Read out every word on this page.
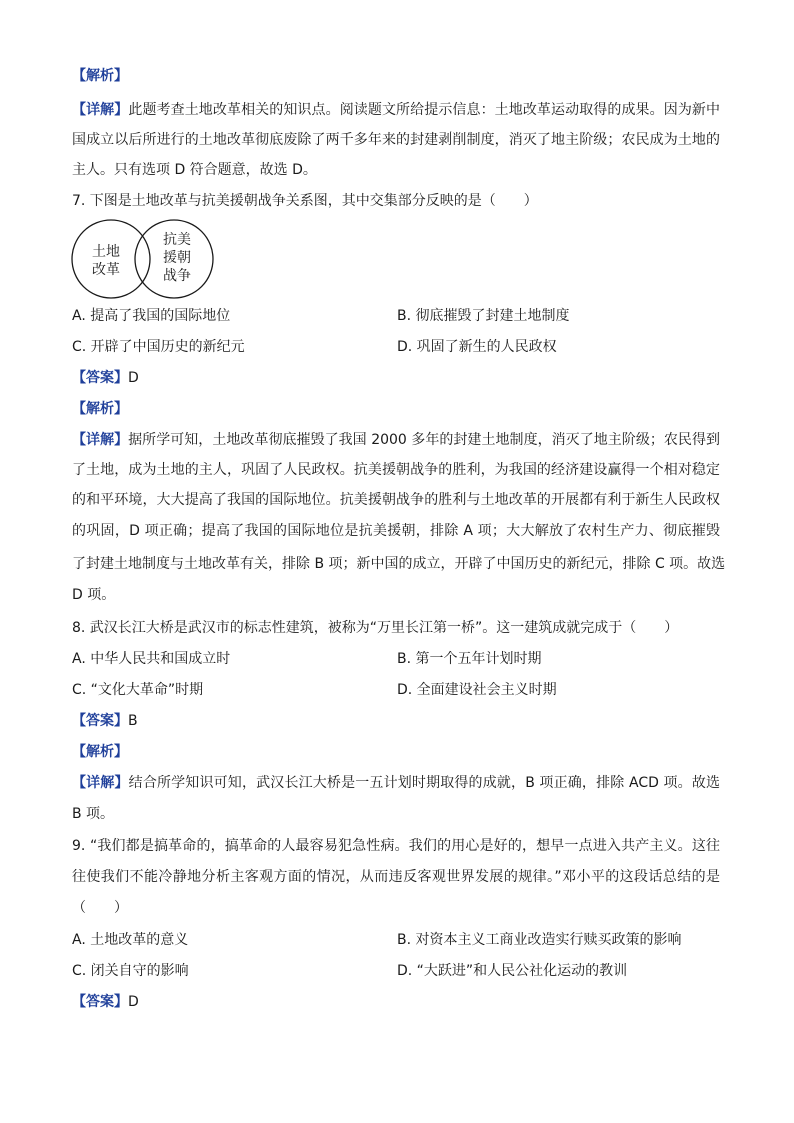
【解析】
【详解】此题考查土地改革相关的知识点。阅读题文所给提示信息：土地改革运动取得的成果。因为新中
国成立以后所进行的土地改革彻底废除了两千多年来的封建剥削制度，消灭了地主阶级；农民成为土地的
主人。只有选项 D 符合题意，故选 D。
7. 下图是土地改革与抗美援朝战争关系图，其中交集部分反映的是（　　）
土地
改革
抗美
援朝
战争
A. 提高了我国的国际地位	B. 彻底摧毁了封建土地制度
C. 开辟了中国历史的新纪元	D. 巩固了新生的人民政权
【答案】D
【解析】
【详解】据所学可知，土地改革彻底摧毁了我国 2000 多年的封建土地制度，消灭了地主阶级；农民得到
了土地，成为土地的主人，巩固了人民政权。抗美援朝战争的胜利，为我国的经济建设赢得一个相对稳定
的和平环境，大大提高了我国的国际地位。抗美援朝战争的胜利与土地改革的开展都有利于新生人民政权
的巩固，D 项正确；提高了我国的国际地位是抗美援朝，排除 A 项；大大解放了农村生产力、彻底摧毁
了封建土地制度与土地改革有关，排除 B 项；新中国的成立，开辟了中国历史的新纪元，排除 C 项。故选
D 项。
8. 武汉长江大桥是武汉市的标志性建筑，被称为“万里长江第一桥”。这一建筑成就完成于（　　）
A. 中华人民共和国成立时	B. 第一个五年计划时期
C. “文化大革命”时期	D. 全面建设社会主义时期
【答案】B
【解析】
【详解】结合所学知识可知，武汉长江大桥是一五计划时期取得的成就，B 项正确，排除 ACD 项。故选
B 项。
9. “我们都是搞革命的，搞革命的人最容易犯急性病。我们的用心是好的，想早一点进入共产主义。这往
往使我们不能冷静地分析主客观方面的情况，从而违反客观世界发展的规律。”邓小平的这段话总结的是
（　　）
A. 土地改革的意义	B. 对资本主义工商业改造实行赎买政策的影响
C. 闭关自守的影响	D. “大跃进”和人民公社化运动的教训
【答案】D
